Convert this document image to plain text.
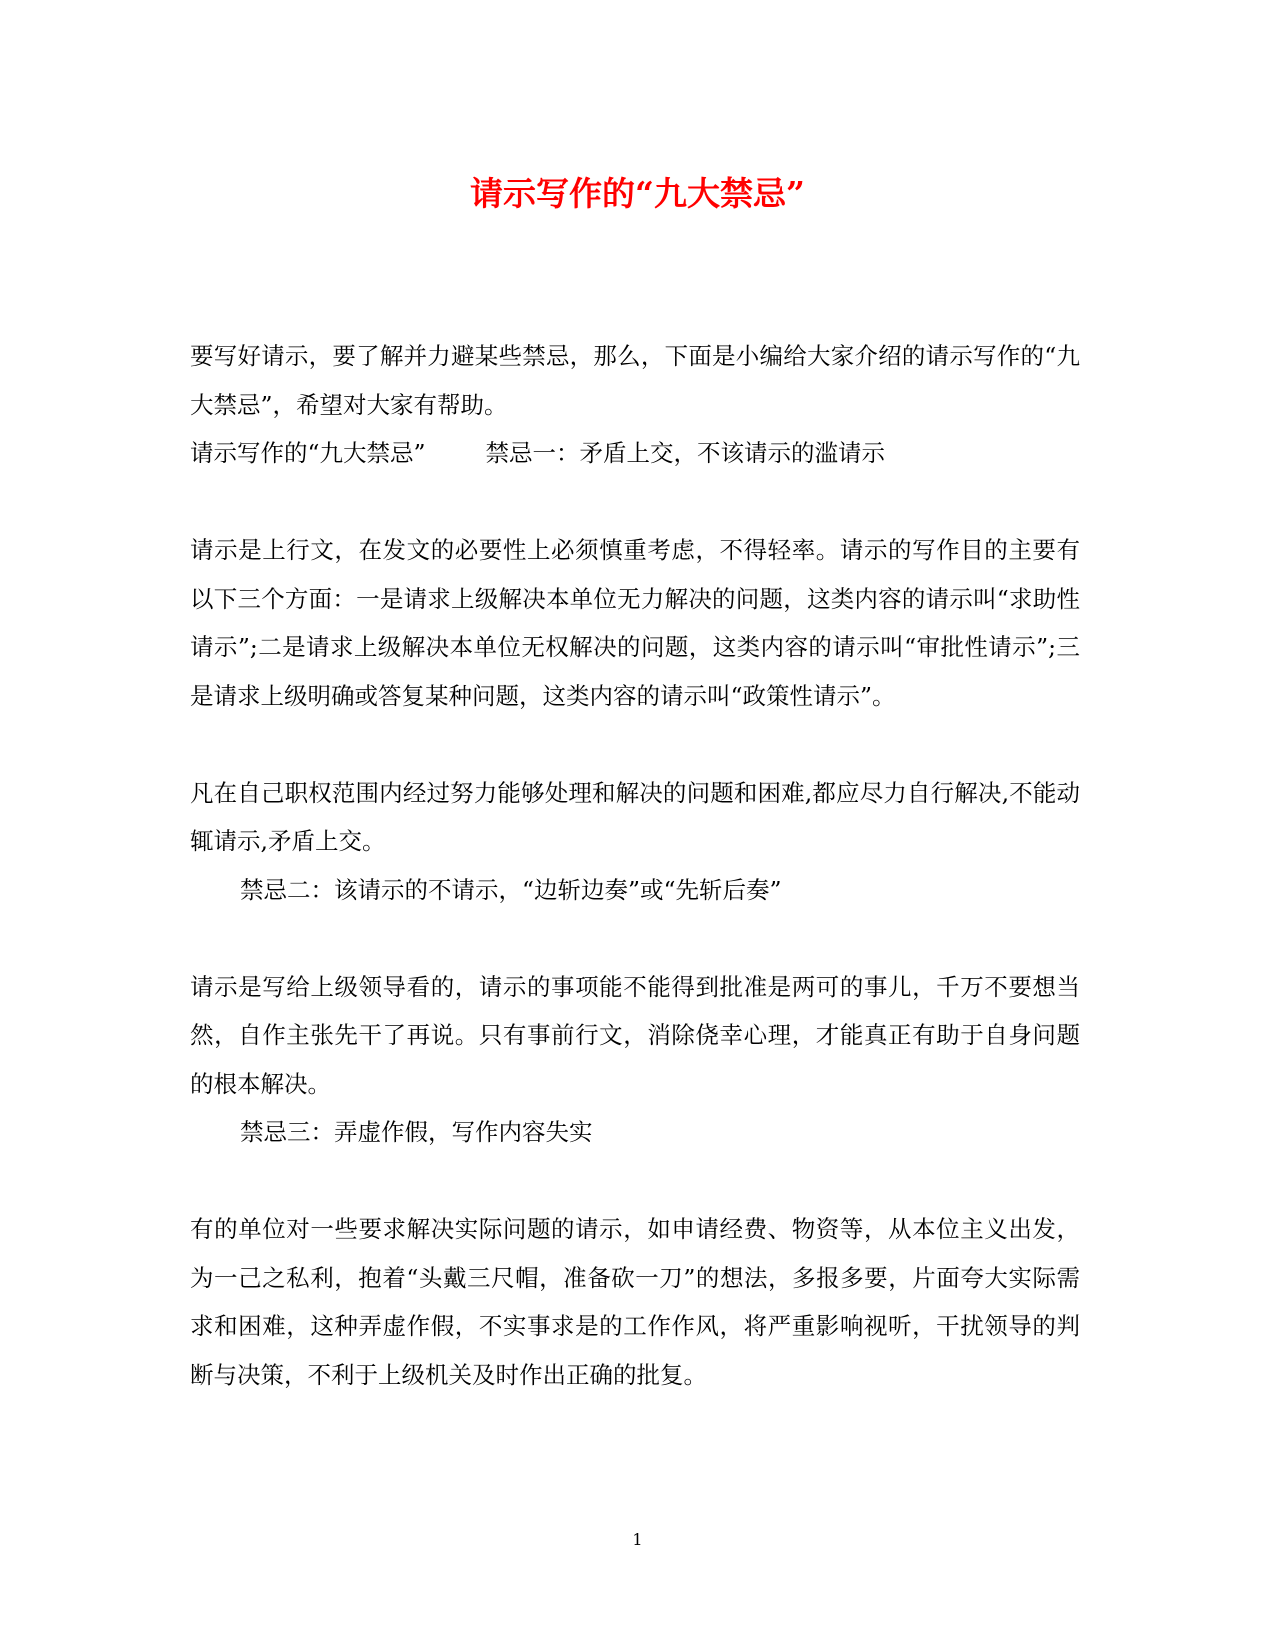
请示写作的“九大禁忌”

要写好请示，要了解并力避某些禁忌，那么，下面是小编给大家介绍的请示写作的“九大禁忌”，希望对大家有帮助。

请示写作的“九大禁忌”	禁忌一：矛盾上交，不该请示的滥请示

请示是上行文，在发文的必要性上必须慎重考虑，不得轻率。请示的写作目的主要有以下三个方面：一是请求上级解决本单位无力解决的问题，这类内容的请示叫“求助性请示”;二是请求上级解决本单位无权解决的问题，这类内容的请示叫“审批性请示”;三是请求上级明确或答复某种问题，这类内容的请示叫“政策性请示”。

凡在自己职权范围内经过努力能够处理和解决的问题和困难,都应尽力自行解决,不能动辄请示,矛盾上交。

禁忌二：该请示的不请示，“边斩边奏”或“先斩后奏”

请示是写给上级领导看的，请示的事项能不能得到批准是两可的事儿，千万不要想当然，自作主张先干了再说。只有事前行文，消除侥幸心理，才能真正有助于自身问题的根本解决。

禁忌三：弄虚作假，写作内容失实

有的单位对一些要求解决实际问题的请示，如申请经费、物资等，从本位主义出发，为一己之私利，抱着“头戴三尺帽，准备砍一刀”的想法，多报多要，片面夸大实际需求和困难，这种弄虚作假，不实事求是的工作作风，将严重影响视听，干扰领导的判断与决策，不利于上级机关及时作出正确的批复。

1
